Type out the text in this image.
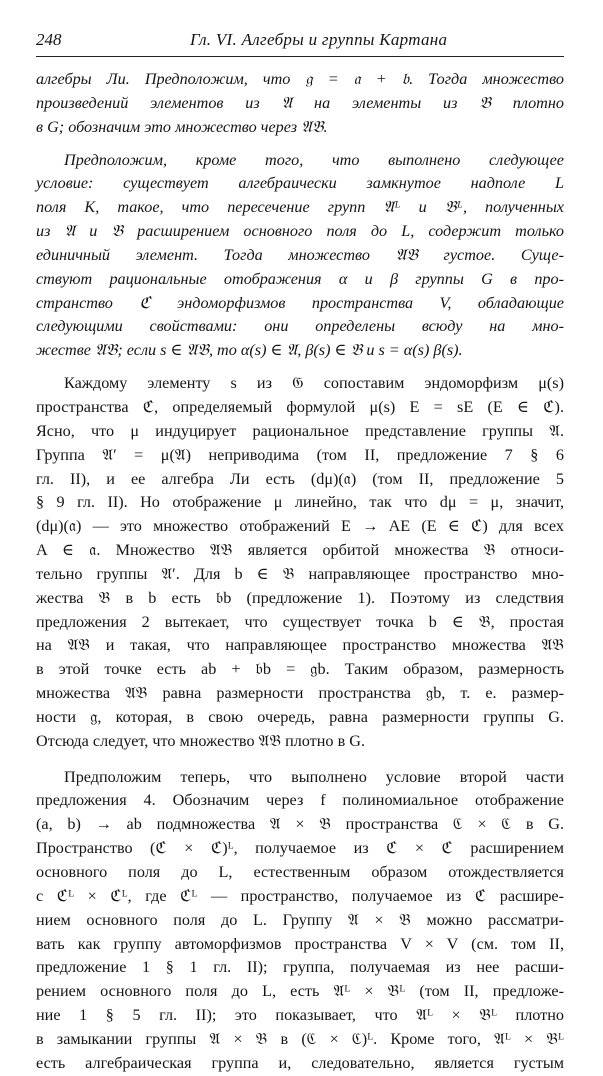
248	Гл. VI. Алгебры и группы Картана
алгебры Ли. Предположим, что 𝔤 = 𝔞 + 𝔟. Тогда множество
произведений элементов из 𝔄 на элементы из 𝔅 плотно
в G; обозначим это множество через 𝔄𝔅.
Предположим, кроме того, что выполнено следующее
условие: существует алгебраически замкнутое надполе L
поля K, такое, что пересечение групп 𝔄ᴸ и 𝔅ᴸ, полученных
из 𝔄 и 𝔅 расширением основного поля до L, содержит только
единичный элемент. Тогда множество 𝔄𝔅 густое. Суще-
ствуют рациональные отображения α и β группы G в про-
странство ℭ эндоморфизмов пространства V, обладающие
следующими свойствами: они определены всюду на мно-
жестве 𝔄𝔅; если s ∈ 𝔄𝔅, то α(s) ∈ 𝔄, β(s) ∈ 𝔅 и s = α(s) β(s).
Каждому элементу s из 𝔊 сопоставим эндоморфизм μ(s)
пространства ℭ, определяемый формулой μ(s) E = sE (E ∈ ℭ).
Ясно, что μ индуцирует рациональное представление группы 𝔄.
Группа 𝔄′ = μ(𝔄) неприводима (том II, предложение 7 § 6
гл. II), и ее алгебра Ли есть (dμ)(𝔞) (том II, предложение 5
§ 9 гл. II). Но отображение μ линейно, так что dμ = μ, значит,
(dμ)(𝔞) — это множество отображений E → AE (E ∈ ℭ) для всех
A ∈ 𝔞. Множество 𝔄𝔅 является орбитой множества 𝔅 относи-
тельно группы 𝔄′. Для b ∈ 𝔅 направляющее пространство мно-
жества 𝔅 в b есть 𝔟b (предложение 1). Поэтому из следствия
предложения 2 вытекает, что существует точка b ∈ 𝔅, простая
на 𝔄𝔅 и такая, что направляющее пространство множества 𝔄𝔅
в этой точке есть ab + 𝔟b = 𝔤b. Таким образом, размерность
множества 𝔄𝔅 равна размерности пространства 𝔤b, т. е. размер-
ности 𝔤, которая, в свою очередь, равна размерности группы G.
Отсюда следует, что множество 𝔄𝔅 плотно в G.
Предположим теперь, что выполнено условие второй части
предложения 4. Обозначим через f полиномиальное отображение
(a, b) → ab подмножества 𝔄 × 𝔅 пространства ℭ × ℭ в G.
Пространство (ℭ × ℭ)ᴸ, получаемое из ℭ × ℭ расширением
основного поля до L, естественным образом отождествляется
с ℭᴸ × ℭᴸ, где ℭᴸ — пространство, получаемое из ℭ расшире-
нием основного поля до L. Группу 𝔄 × 𝔅 можно рассматри-
вать как группу автоморфизмов пространства V × V (см. том II,
предложение 1 § 1 гл. II); группа, получаемая из нее расши-
рением основного поля до L, есть 𝔄ᴸ × 𝔅ᴸ (том II, предложе-
ние 1 § 5 гл. II); это показывает, что 𝔄ᴸ × 𝔅ᴸ плотно
в замыкании группы 𝔄 × 𝔅 в (ℭ × ℭ)ᴸ. Кроме того, 𝔄ᴸ × 𝔅ᴸ
есть алгебраическая группа и, следовательно, является густым
